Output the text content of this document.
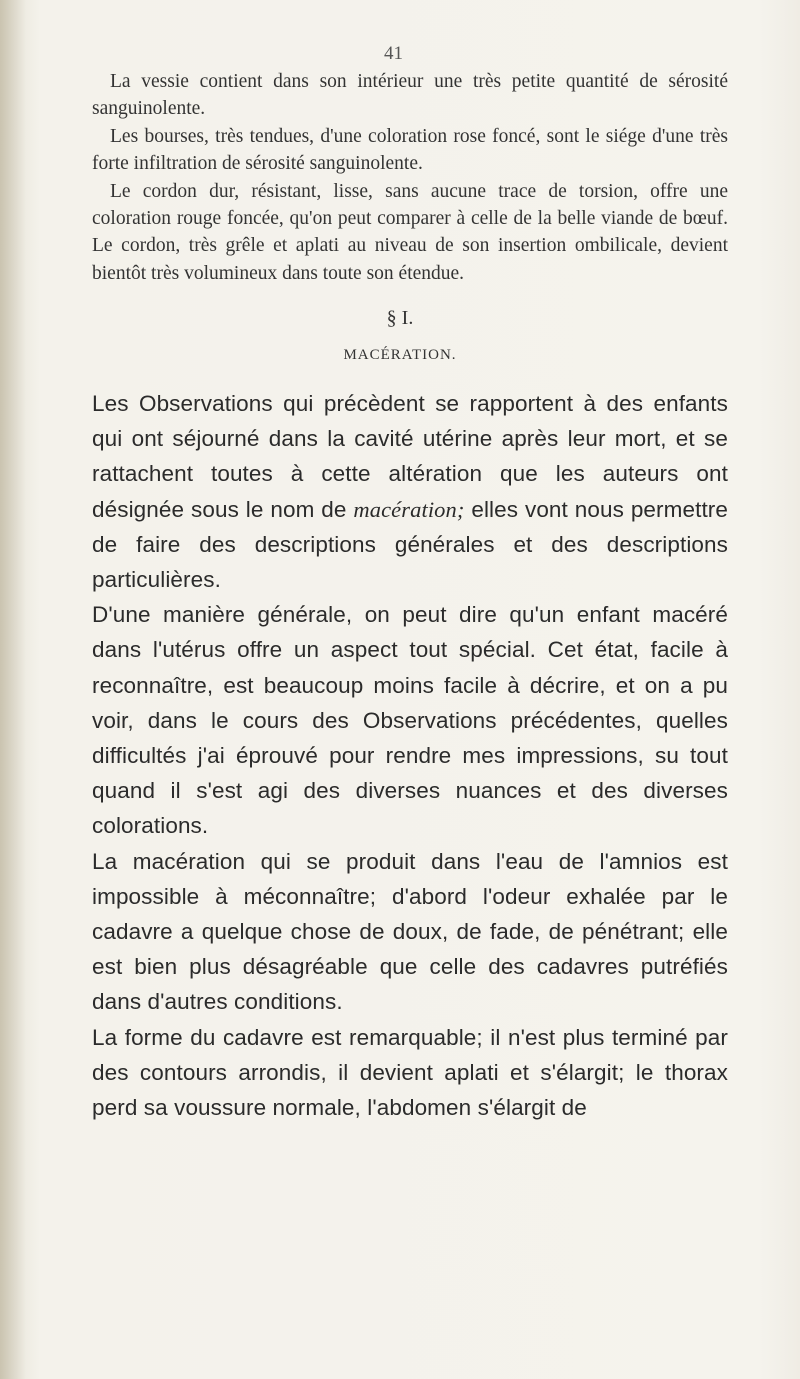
41

La vessie contient dans son intérieur une très petite quantité de sérosité sanguinolente.

Les bourses, très tendues, d'une coloration rose foncé, sont le siége d'une très forte infiltration de sérosité sanguinolente.

Le cordon dur, résistant, lisse, sans aucune trace de torsion, offre une coloration rouge foncée, qu'on peut comparer à celle de la belle viande de bœuf. Le cordon, très grêle et aplati au niveau de son insertion ombilicale, devient bientôt très volumineux dans toute son étendue.

§ I.

MACÉRATION.

Les Observations qui précèdent se rapportent à des enfants qui ont séjourné dans la cavité utérine après leur mort, et se rattachent toutes à cette altération que les auteurs ont désignée sous le nom de macération; elles vont nous permettre de faire des descriptions générales et des descriptions particulières.

D'une manière générale, on peut dire qu'un enfant macéré dans l'utérus offre un aspect tout spécial. Cet état, facile à reconnaître, est beaucoup moins facile à décrire, et on a pu voir, dans le cours des Observations précédentes, quelles difficultés j'ai éprouvé pour rendre mes impressions, su tout quand il s'est agi des diverses nuances et des diverses colorations.

La macération qui se produit dans l'eau de l'amnios est impossible à méconnaître; d'abord l'odeur exhalée par le cadavre a quelque chose de doux, de fade, de pénétrant; elle est bien plus désagréable que celle des cadavres putréfiés dans d'autres conditions.

La forme du cadavre est remarquable; il n'est plus terminé par des contours arrondis, il devient aplati et s'élargit; le thorax perd sa voussure normale, l'abdomen s'élargit de
